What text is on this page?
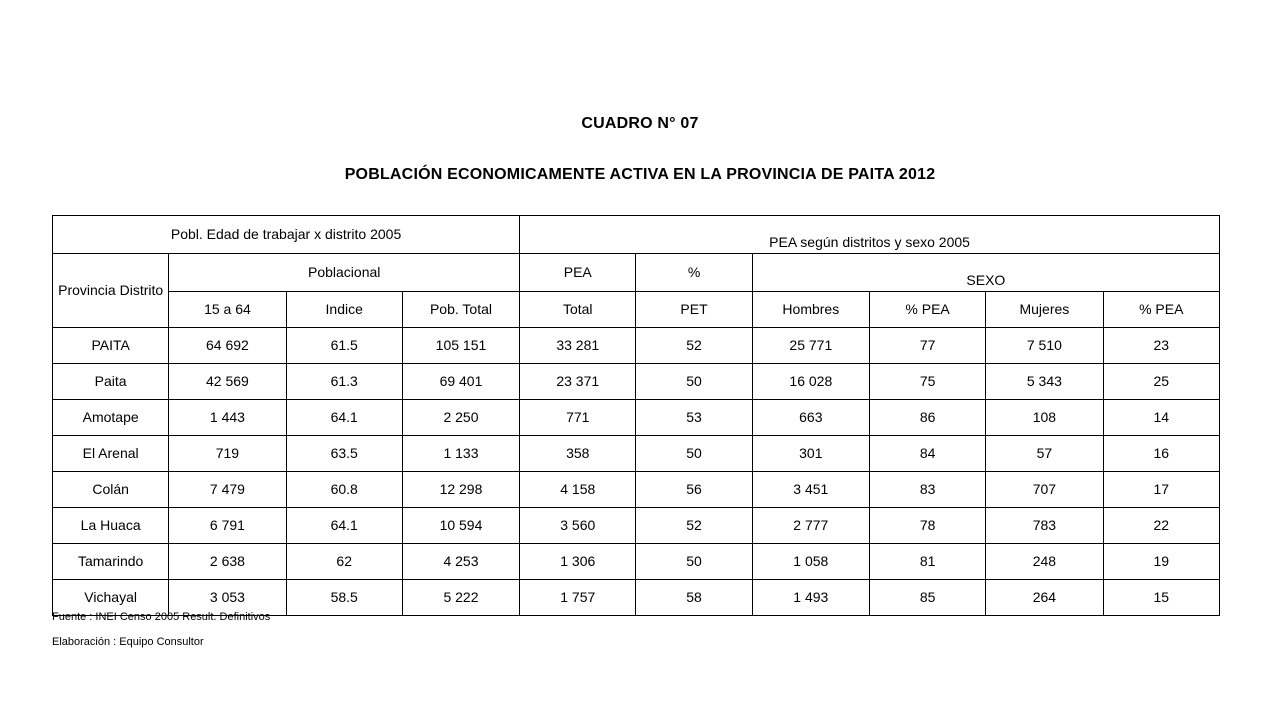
CUADRO N° 07
POBLACIÓN ECONOMICAMENTE ACTIVA EN LA PROVINCIA DE PAITA 2012
Pobl. Edad de trabajar x distrito 2005				PEA según distritos y sexo 2005					
Provincia Distrito	Poblacional			PEA	%	SEXO			
	15 a 64	Indice	Pob. Total	Total	PET	Hombres	% PEA	Mujeres	% PEA
PAITA	64 692	61.5	105 151	33 281	52	25 771	77	7 510	23
Paita	42 569	61.3	69 401	23 371	50	16 028	75	5 343	25
Amotape	1 443	64.1	2 250	771	53	663	86	108	14
El Arenal	719	63.5	1 133	358	50	301	84	57	16
Colán	7 479	60.8	12 298	4 158	56	3 451	83	707	17
La Huaca	6 791	64.1	10 594	3 560	52	2 777	78	783	22
Tamarindo	2 638	62	4 253	1 306	50	1 058	81	248	19
Vichayal	3 053	58.5	5 222	1 757	58	1 493	85	264	15
Fuente : INEI Censo 2005 Result. Definitivos
Elaboración : Equipo Consultor
